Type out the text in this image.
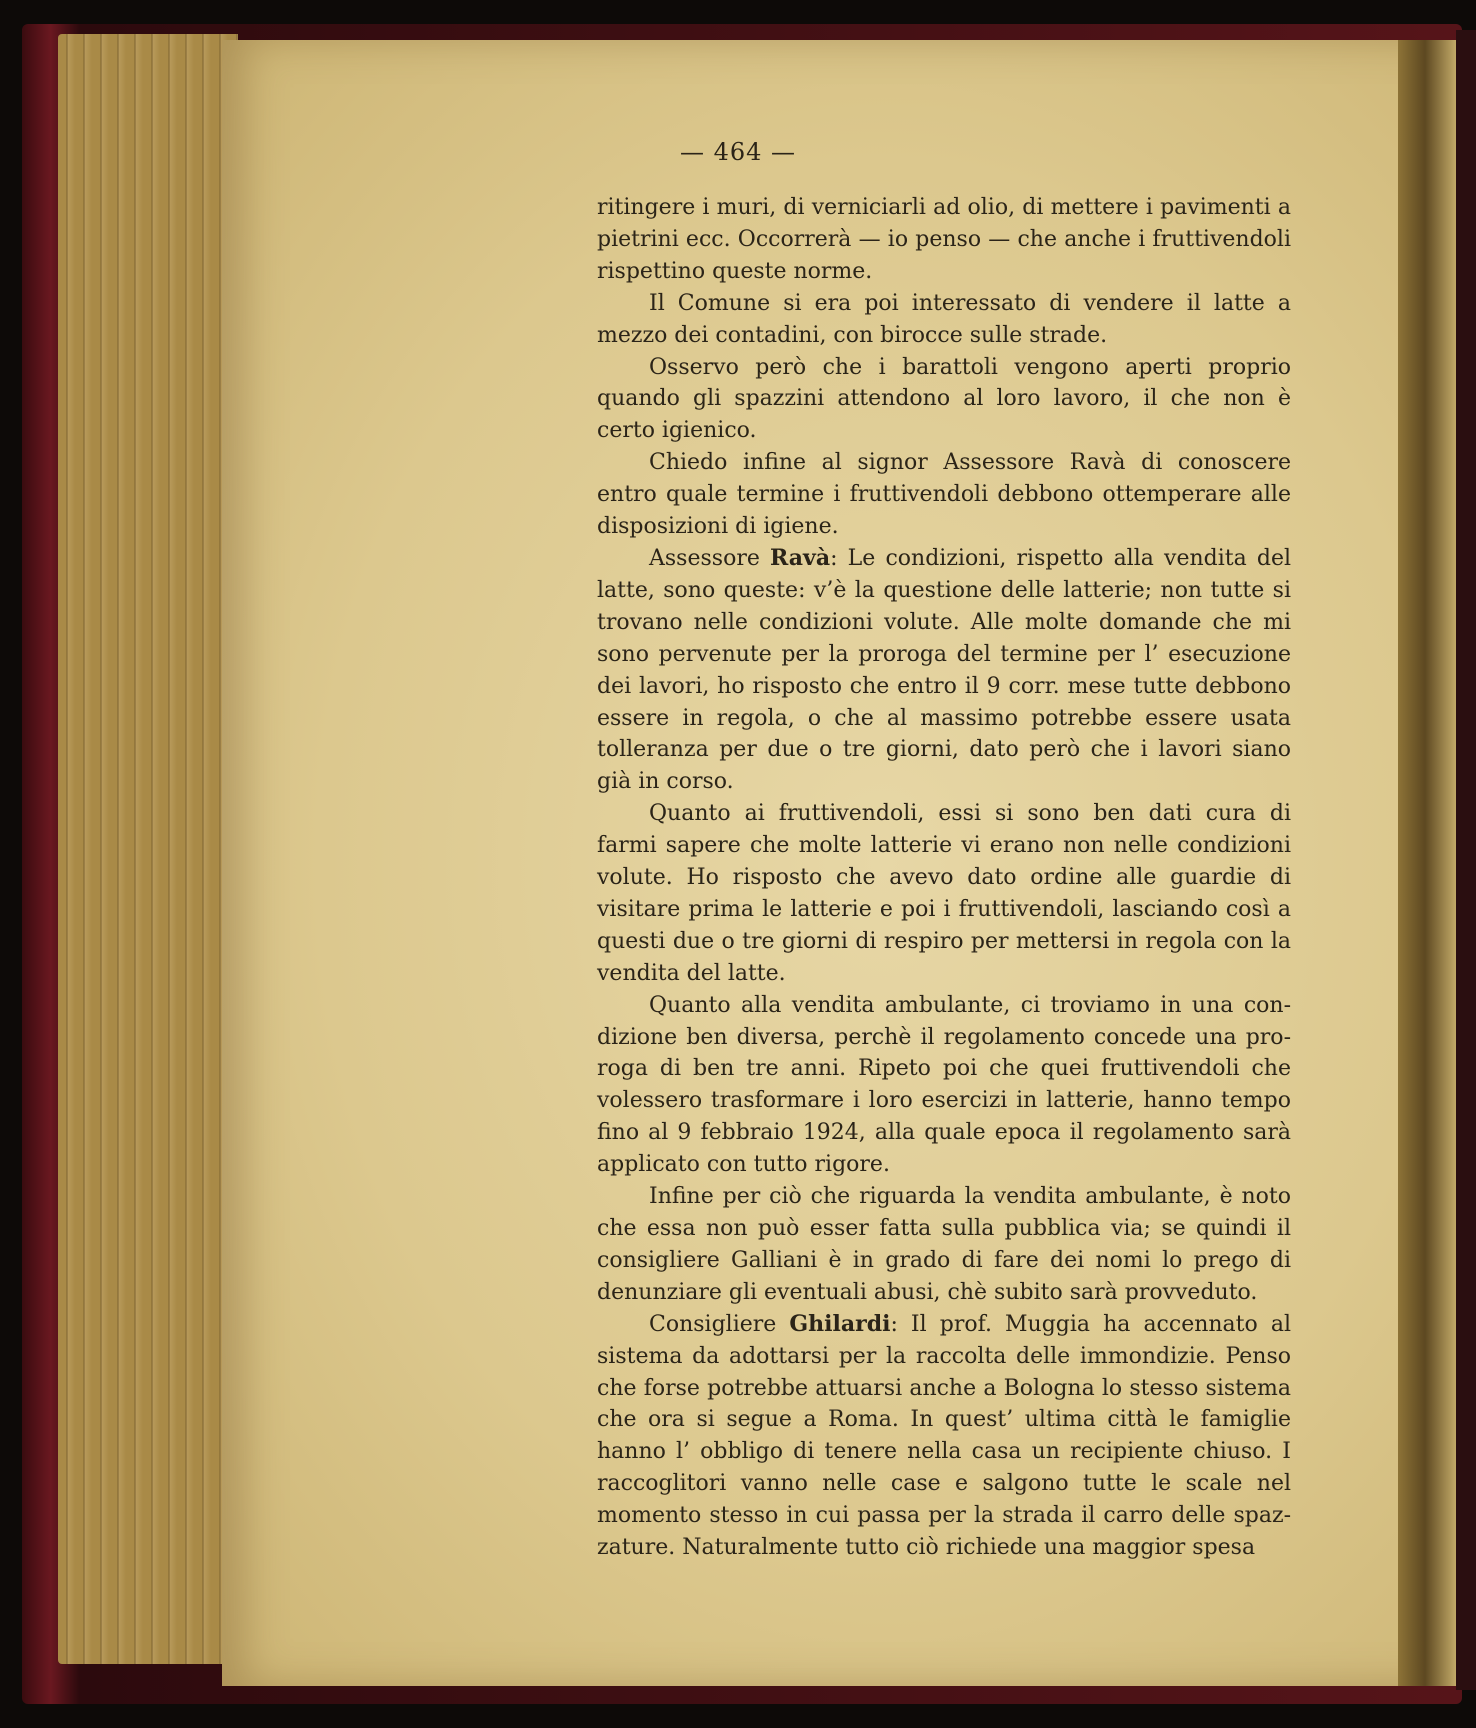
— 464 —

ritingere i muri, di verniciarli ad olio, di mettere i pavimenti a pietrini ecc. Occorrerà — io penso — che anche i fruttivendoli rispettino queste norme.

Il Comune si era poi interessato di vendere il latte a mezzo dei contadini, con birocce sulle strade.

Osservo però che i barattoli vengono aperti proprio quando gli spazzini attendono al loro lavoro, il che non è certo igienico.

Chiedo infine al signor Assessore Ravà di conoscere entro quale termine i fruttivendoli debbono ottemperare alle disposizioni di igiene.

Assessore Ravà: Le condizioni, rispetto alla vendita del latte, sono queste: v’è la questione delle latterie; non tutte si trovano nelle condizioni volute. Alle molte domande che mi sono pervenute per la proroga del termine per l’ esecuzione dei lavori, ho risposto che entro il 9 corr. mese tutte debbono essere in regola, o che al massimo potrebbe essere usata tolleranza per due o tre giorni, dato però che i lavori siano già in corso.

Quanto ai fruttivendoli, essi si sono ben dati cura di farmi sapere che molte latterie vi erano non nelle condizioni volute. Ho risposto che avevo dato ordine alle guardie di visitare prima le latterie e poi i fruttivendoli, lasciando così a questi due o tre giorni di respiro per mettersi in regola con la vendita del latte.

Quanto alla vendita ambulante, ci troviamo in una condizione ben diversa, perchè il regolamento concede una proroga di ben tre anni. Ripeto poi che quei fruttivendoli che volessero trasformare i loro esercizi in latterie, hanno tempo fino al 9 febbraio 1924, alla quale epoca il regolamento sarà applicato con tutto rigore.

Infine per ciò che riguarda la vendita ambulante, è noto che essa non può esser fatta sulla pubblica via; se quindi il consigliere Galliani è in grado di fare dei nomi lo prego di denunziare gli eventuali abusi, chè subito sarà provveduto.

Consigliere Ghilardi: Il prof. Muggia ha accennato al sistema da adottarsi per la raccolta delle immondizie. Penso che forse potrebbe attuarsi anche a Bologna lo stesso sistema che ora si segue a Roma. In quest’ ultima città le famiglie hanno l’ obbligo di tenere nella casa un recipiente chiuso. I raccoglitori vanno nelle case e salgono tutte le scale nel momento stesso in cui passa per la strada il carro delle spazzature. Naturalmente tutto ciò richiede una maggior spesa
